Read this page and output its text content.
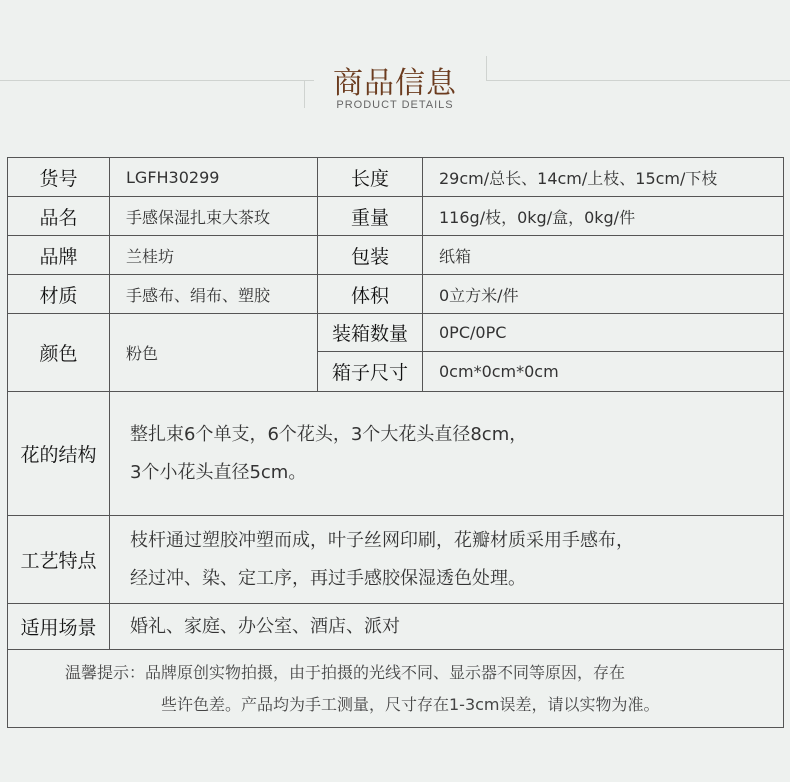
商品信息
PRODUCT DETAILS
货号	LGFH30299	长度	29cm/总长、14cm/上枝、15cm/下枝
品名	手感保湿扎束大茶玫	重量	116g/枝，0kg/盒，0kg/件
品牌	兰桂坊	包装	纸箱
材质	手感布、绢布、塑胶	体积	0立方米/件
颜色	粉色	装箱数量	0PC/0PC
		箱子尺寸	0cm*0cm*0cm
花的结构	整扎束6个单支，6个花头，3个大花头直径8cm，
3个小花头直径5cm。		

工艺特点	枝杆通过塑胶冲塑而成，叶子丝网印刷，花瓣材质采用手感布，
经过冲、染、定工序，再过手感胶保湿透色处理。		

适用场景	婚礼、家庭、办公室、酒店、派对		

温馨提示：品牌原创实物拍摄，由于拍摄的光线不同、显示器不同等原因，存在
些许色差。产品均为手工测量，尺寸存在1-3cm误差，请以实物为准。			
